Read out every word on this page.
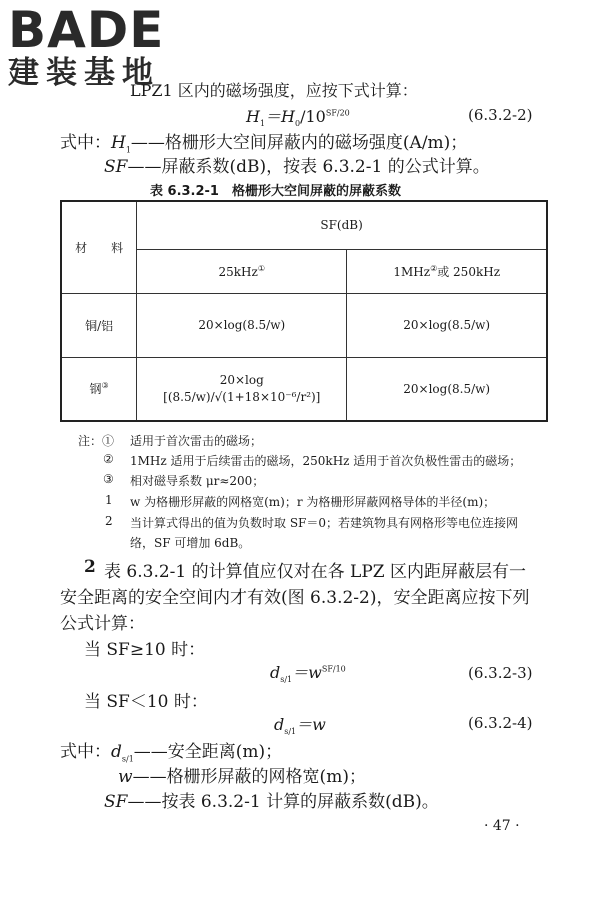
BADE
建装基地
LPZ1 区内的磁场强度，应按下式计算：
$H_1=H_0/10^{SF/20}$	(6.3.2-2)
式中：$H_1——$格栅形大空间屏蔽内的磁场强度(A/m)；
SF——屏蔽系数(dB)，按表 6.3.2-1 的公式计算。
表 6.3.2-1　格栅形大空间屏蔽的屏蔽系数
材　　料	SF(dB)	
	25kHz①	1MHz②或 250kHz
铜/铝	20×log(8.5/w)	20×log(8.5/w)
钢③	20×log
[(8.5/w)/√(1+18×10⁻⁶/r²)]	20×log(8.5/w)
注：① 适用于首次雷击的磁场；
② 1MHz 适用于后续雷击的磁场，250kHz 适用于首次负极性雷击的磁场；
③ 相对磁导系数 μr≈200；
1 w 为格栅形屏蔽的网格宽(m)；r 为格栅形屏蔽网格导体的半径(m)；
2 当计算式得出的值为负数时取 SF＝0；若建筑物具有网格形等电位连接网
络，SF 可增加 6dB。
2 表 6.3.2-1 的计算值应仅对在各 LPZ 区内距屏蔽层有一
安全距离的安全空间内才有效(图 6.3.2-2)，安全距离应按下列
公式计算：
当 SF≥10 时：
$d_{s/1}=w^{SF/10}$	(6.3.2-3)
当 SF＜10 时：
$d_{s/1}=w$	(6.3.2-4)
式中：$d_{s/1}——$安全距离(m)；
w——格栅形屏蔽的网格宽(m)；
SF——按表 6.3.2-1 计算的屏蔽系数(dB)。
· 47 ·
